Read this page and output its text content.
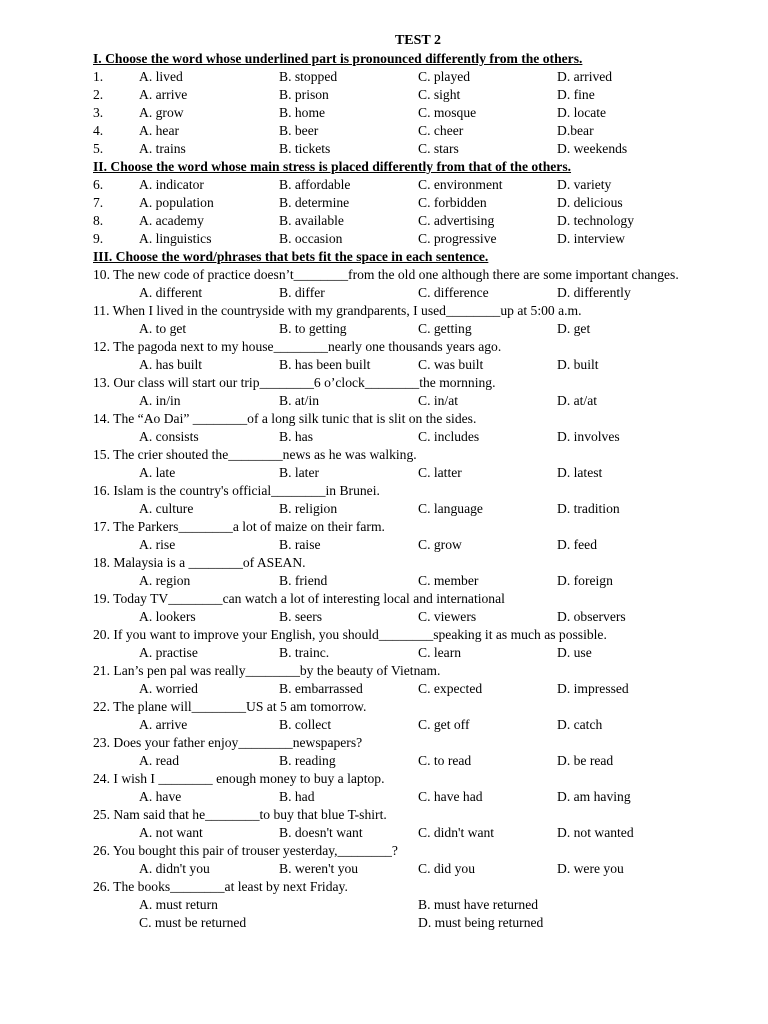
TEST 2
I. Choose the word whose underlined part is pronounced differently from the others.
1.	A. lived	B. stopped	C. played	D. arrived
2.	A. arrive	B. prison	C. sight	D. fine
3.	A. grow	B. home	C. mosque	D. locate
4.	A. hear	B. beer	C. cheer	D.bear
5.	A. trains	B. tickets	C. stars	D. weekends
II. Choose the word whose main stress is placed differently from that of the others.
6.	A. indicator	B. affordable	C. environment	D. variety
7.	A. population	B. determine	C. forbidden	D. delicious
8.	A. academy	B. available	C. advertising	D. technology
9.	A. linguistics	B. occasion	C. progressive	D. interview
III. Choose the word/phrases that bets fit the space in each sentence.
10. The new code of practice doesn’t________from the old one although there are some important changes.
A. different	B. differ	C. difference	D. differently
11. When I lived in the countryside with my grandparents, I used________up at 5:00 a.m.
A. to get	B. to getting	C. getting	D. get
12. The pagoda next to my house________nearly one thousands years ago.
A. has built	B. has been built	C. was built	D. built
13. Our class will start our trip________6 o’clock________the mornning.
A. in/in	B. at/in	C. in/at	D. at/at
14. The “Ao Dai” ________of a long silk tunic that is slit on the sides.
A. consists	B. has	C. includes	D. involves
15. The crier shouted the________news as he was walking.
A. late	B. later	C. latter	D. latest
16. Islam is the country's official________in Brunei.
A. culture	B. religion	C. language	D. tradition
17. The Parkers________a lot of maize on their farm.
A. rise	B. raise	C. grow	D. feed
18. Malaysia is a ________of ASEAN.
A. region	B. friend	C. member	D. foreign
19. Today TV________can watch a lot of interesting local and international
A. lookers	B. seers	C. viewers	D. observers
20. If you want to improve your English, you should________speaking it as much as possible.
A. practise	B. trainc.	C. learn	D. use
21. Lan’s pen pal was really________by the beauty of Vietnam.
A. worried	B. embarrassed	C. expected	D. impressed
22. The plane will________US at 5 am tomorrow.
A. arrive	B. collect	C. get off	D. catch
23. Does your father enjoy________newspapers?
A. read	B. reading	C. to read	D. be read
24. I wish I ________ enough money to buy a laptop.
A. have	B. had	C. have had	D. am having
25. Nam said that he________to buy that blue T-shirt.
A. not want	B. doesn't want	C. didn't want	D. not wanted
26. You bought this pair of trouser yesterday,________?
A. didn't you	B. weren't you	C. did you	D. were you
26. The books________at least by next Friday.
A. must return	B. must have returned
C. must be returned	D. must being returned
